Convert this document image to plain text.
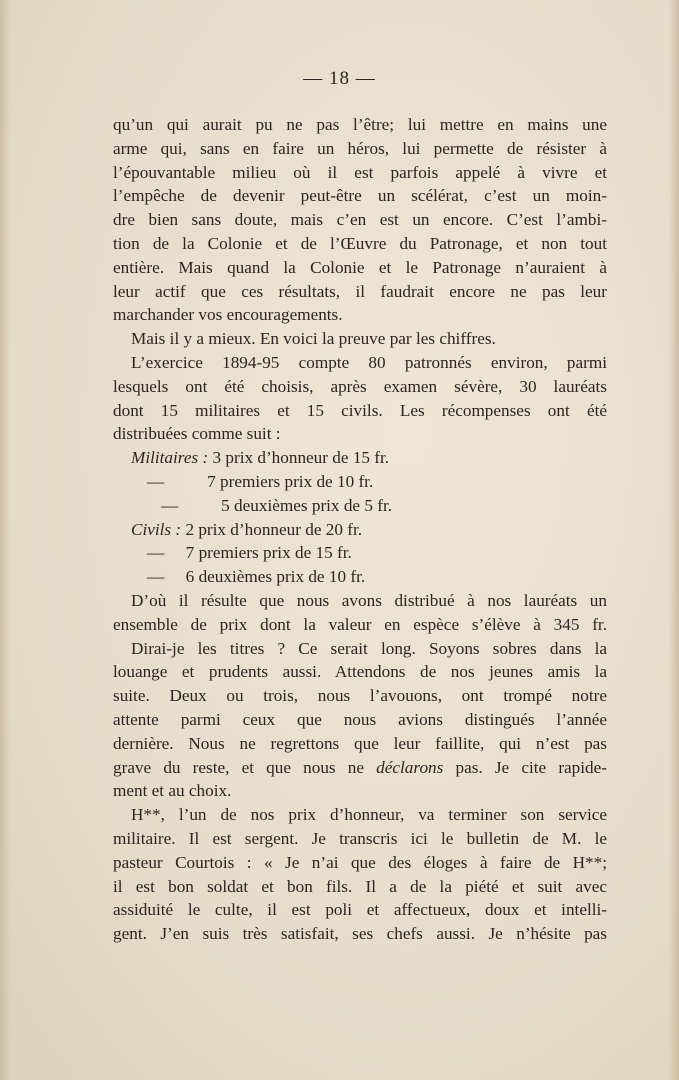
— 18 —
qu’un qui aurait pu ne pas l’être; lui mettre en mains une
arme qui, sans en faire un héros, lui permette de résister à
l’épouvantable milieu où il est parfois appelé à vivre et
l’empêche de devenir peut-être un scélérat, c’est un moin-
dre bien sans doute, mais c’en est un encore. C’est l’ambi-
tion de la Colonie et de l’Œuvre du Patronage, et non tout
entière. Mais quand la Colonie et le Patronage n’auraient à
leur actif que ces résultats, il faudrait encore ne pas leur
marchander vos encouragements.
Mais il y a mieux. En voici la preuve par les chiffres.
L’exercice 1894-95 compte 80 patronnés environ, parmi
lesquels ont été choisis, après examen sévère, 30 lauréats
dont 15 militaires et 15 civils. Les récompenses ont été
distribuées comme suit :
Militaires : 3 prix d’honneur de 15 fr.
—          7 premiers prix de 10 fr.
—          5 deuxièmes prix de 5 fr.
Civils : 2 prix d’honneur de 20 fr.
—     7 premiers prix de 15 fr.
—     6 deuxièmes prix de 10 fr.
D’où il résulte que nous avons distribué à nos lauréats un
ensemble de prix dont la valeur en espèce s’élève à 345 fr.
Dirai-je les titres ? Ce serait long. Soyons sobres dans la
louange et prudents aussi. Attendons de nos jeunes amis la
suite. Deux ou trois, nous l’avouons, ont trompé notre
attente parmi ceux que nous avions distingués l’année
dernière. Nous ne regrettons que leur faillite, qui n’est pas
grave du reste, et que nous ne déclarons pas. Je cite rapide-
ment et au choix.
H**, l’un de nos prix d’honneur, va terminer son service
militaire. Il est sergent. Je transcris ici le bulletin de M. le
pasteur Courtois : « Je n’ai que des éloges à faire de H**;
il est bon soldat et bon fils. Il a de la piété et suit avec
assiduité le culte, il est poli et affectueux, doux et intelli-
gent. J’en suis très satisfait, ses chefs aussi. Je n’hésite pas
